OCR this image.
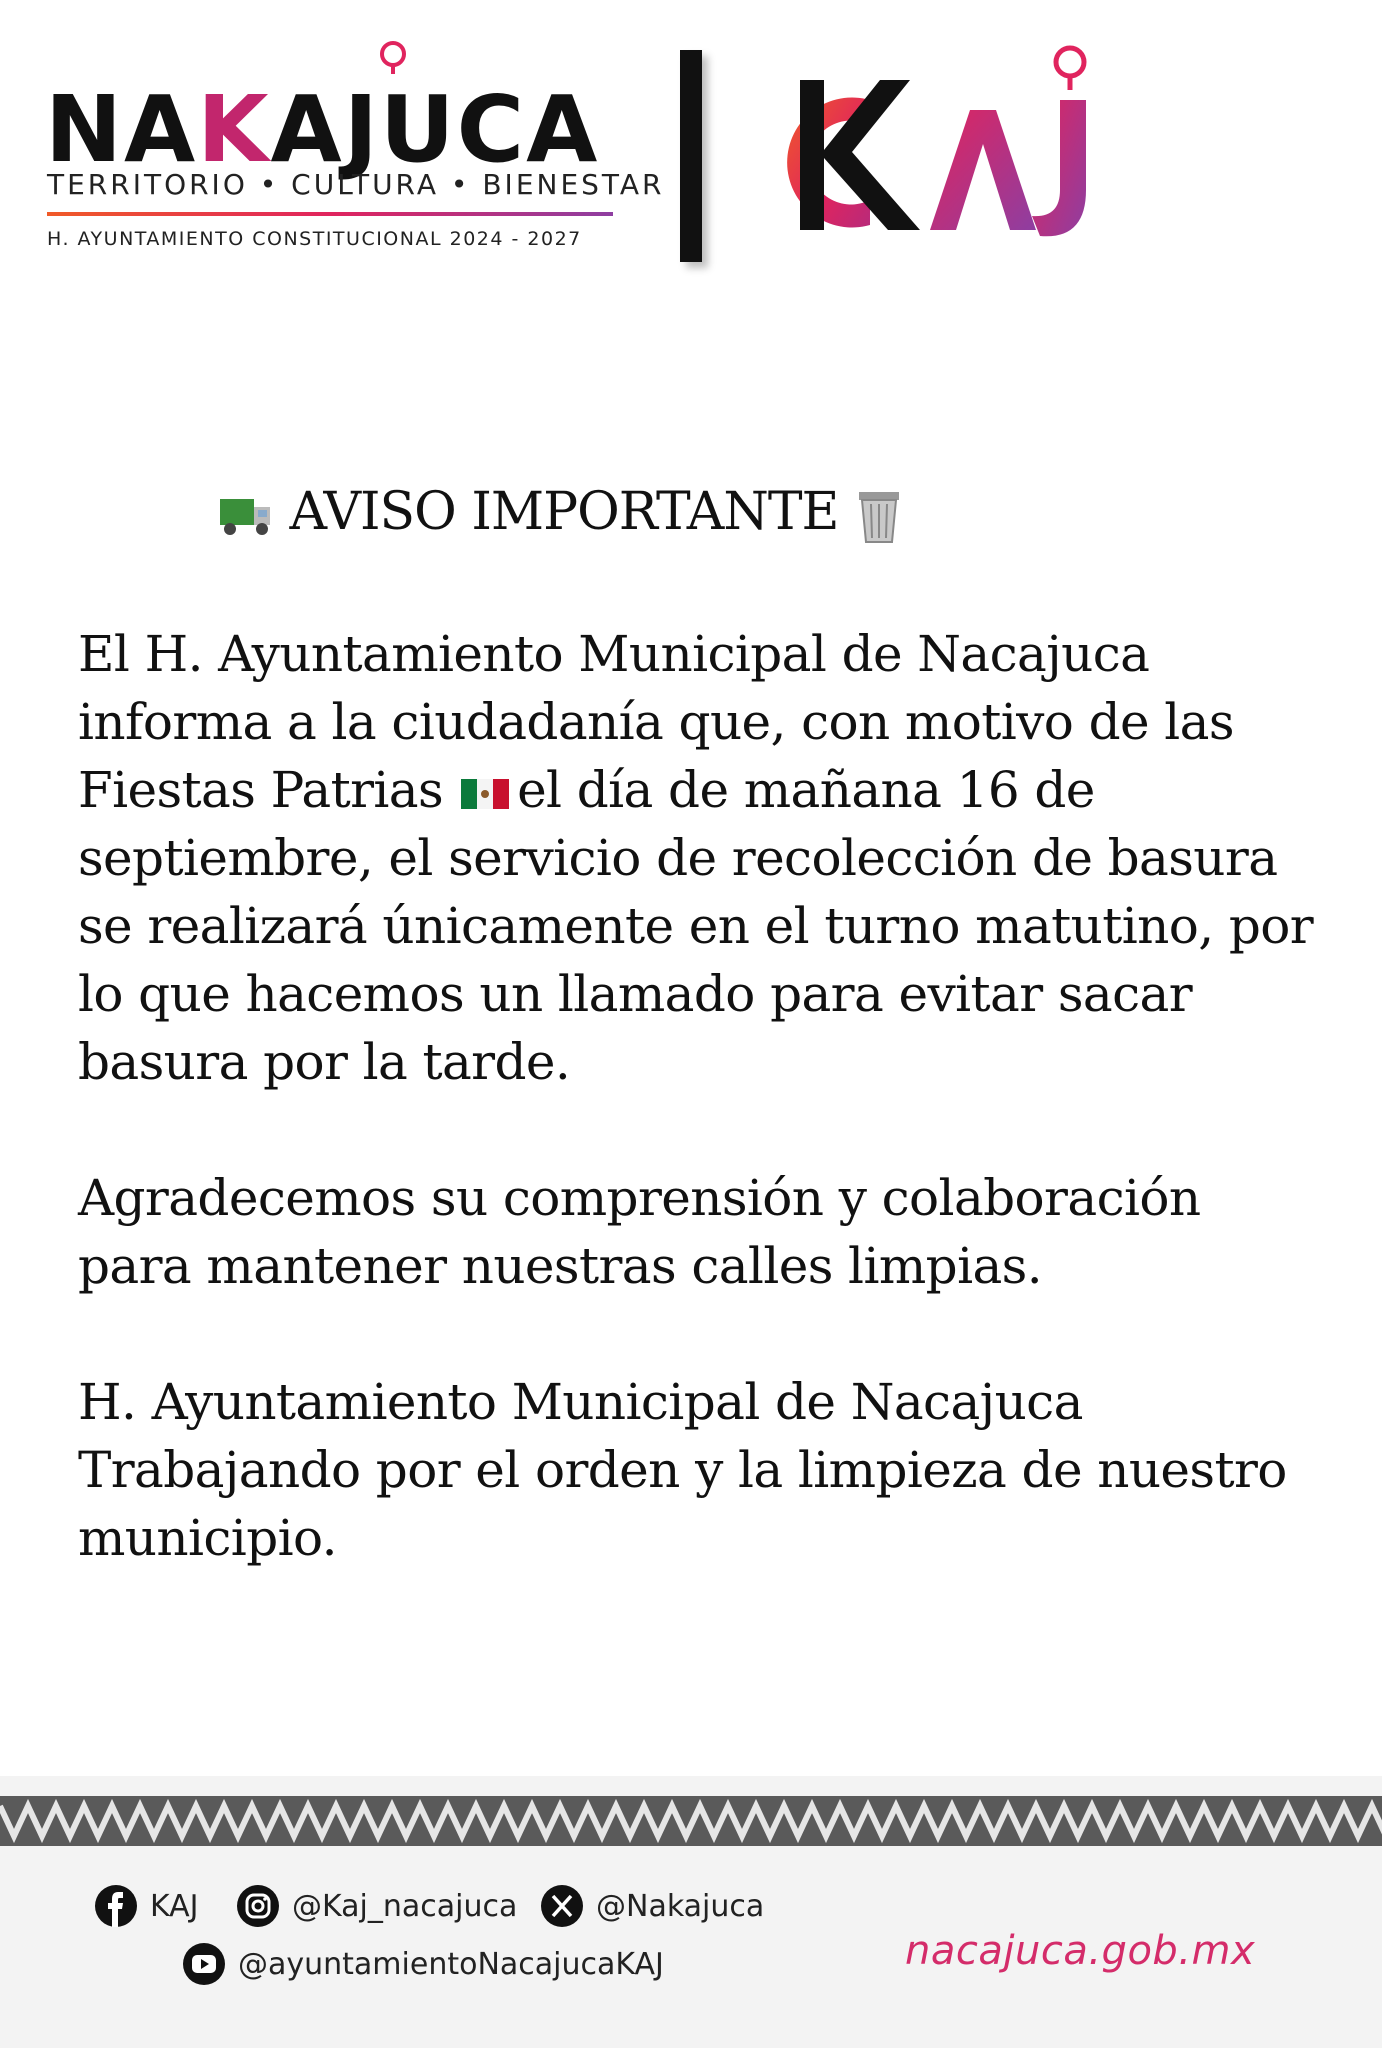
NAKAJUCA
TERRITORIO • CULTURA • BIENESTAR
H. AYUNTAMIENTO CONSTITUCIONAL 2024 - 2027
AVISO IMPORTANTE

El H. Ayuntamiento Municipal de Nacajuca informa a la ciudadanía que, con motivo de las Fiestas Patrias el día de mañana 16 de septiembre, el servicio de recolección de basura se realizará únicamente en el turno matutino, por lo que hacemos un llamado para evitar sacar basura por la tarde.

Agradecemos su comprensión y colaboración para mantener nuestras calles limpias.

H. Ayuntamiento Municipal de Nacajuca
Trabajando por el orden y la limpieza de nuestro municipio.

KAJ	@Kaj_nacajuca	@Nakajuca
@ayuntamientoNacajucaKAJ	nacajuca.gob.mx
